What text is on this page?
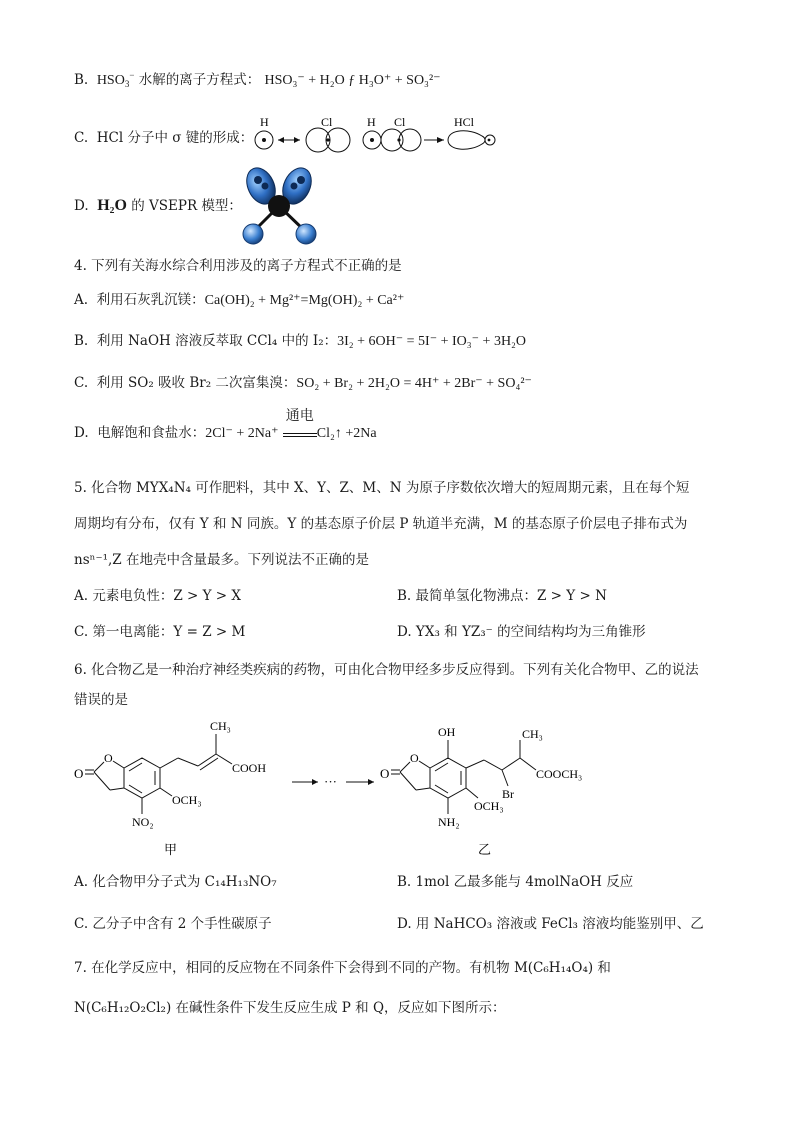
B. $HSO_3^-$ 水解的离子方程式： HSO₃⁻ + H₂O ƒ H₃O⁺ + SO₃²⁻
C. HCl 分子中 σ 键的形成：
H	Cl	H Cl	HCl
D. H₂O 的 VSEPR 模型：
4. 下列有关海水综合利用涉及的离子方程式不正确的是
A. 利用石灰乳沉镁：Ca(OH)₂ + Mg²⁺=Mg(OH)₂ + Ca²⁺
B. 利用 NaOH 溶液反萃取 CCl₄ 中的 I₂：3I₂ + 6OH⁻ = 5I⁻ + IO₃⁻ + 3H₂O
C. 利用 SO₂ 吸收 Br₂ 二次富集溴：SO₂ + Br₂ + 2H₂O = 4H⁺ + 2Br⁻ + SO₄²⁻
D. 电解饱和食盐水：2Cl⁻ + 2Na⁺
通电
Cl₂↑ +2Na
5. 化合物 MYX₄N₄ 可作肥料，其中 X、Y、Z、M、N 为原子序数依次增大的短周期元素，且在每个短
周期均有分布，仅有 Y 和 N 同族。Y 的基态原子价层 P 轨道半充满，M 的基态原子价层电子排布式为
nsⁿ⁻¹,Z 在地壳中含量最多。下列说法不正确的是
A. 元素电负性：Z > Y > X	B. 最简单氢化物沸点：Z > Y > N
C. 第一电离能：Y = Z > M	D. YX₃ 和 YZ₃⁻ 的空间结构均为三角锥形
6. 化合物乙是一种治疗神经类疾病的药物，可由化合物甲经多步反应得到。下列有关化合物甲、乙的说法
错误的是
O
O
CH₃
COOH
OCH₃
NO₂
甲
···
O
O
OH	CH₃
COOCH₃
Br
OCH₃
NH₂
乙
A. 化合物甲分子式为 C₁₄H₁₃NO₇	B. 1mol 乙最多能与 4molNaOH 反应
C. 乙分子中含有 2 个手性碳原子	D. 用 NaHCO₃ 溶液或 FeCl₃ 溶液均能鉴别甲、乙
7. 在化学反应中，相同的反应物在不同条件下会得到不同的产物。有机物 M(C₆H₁₄O₄) 和
N(C₆H₁₂O₂Cl₂) 在碱性条件下发生反应生成 P 和 Q，反应如下图所示：
